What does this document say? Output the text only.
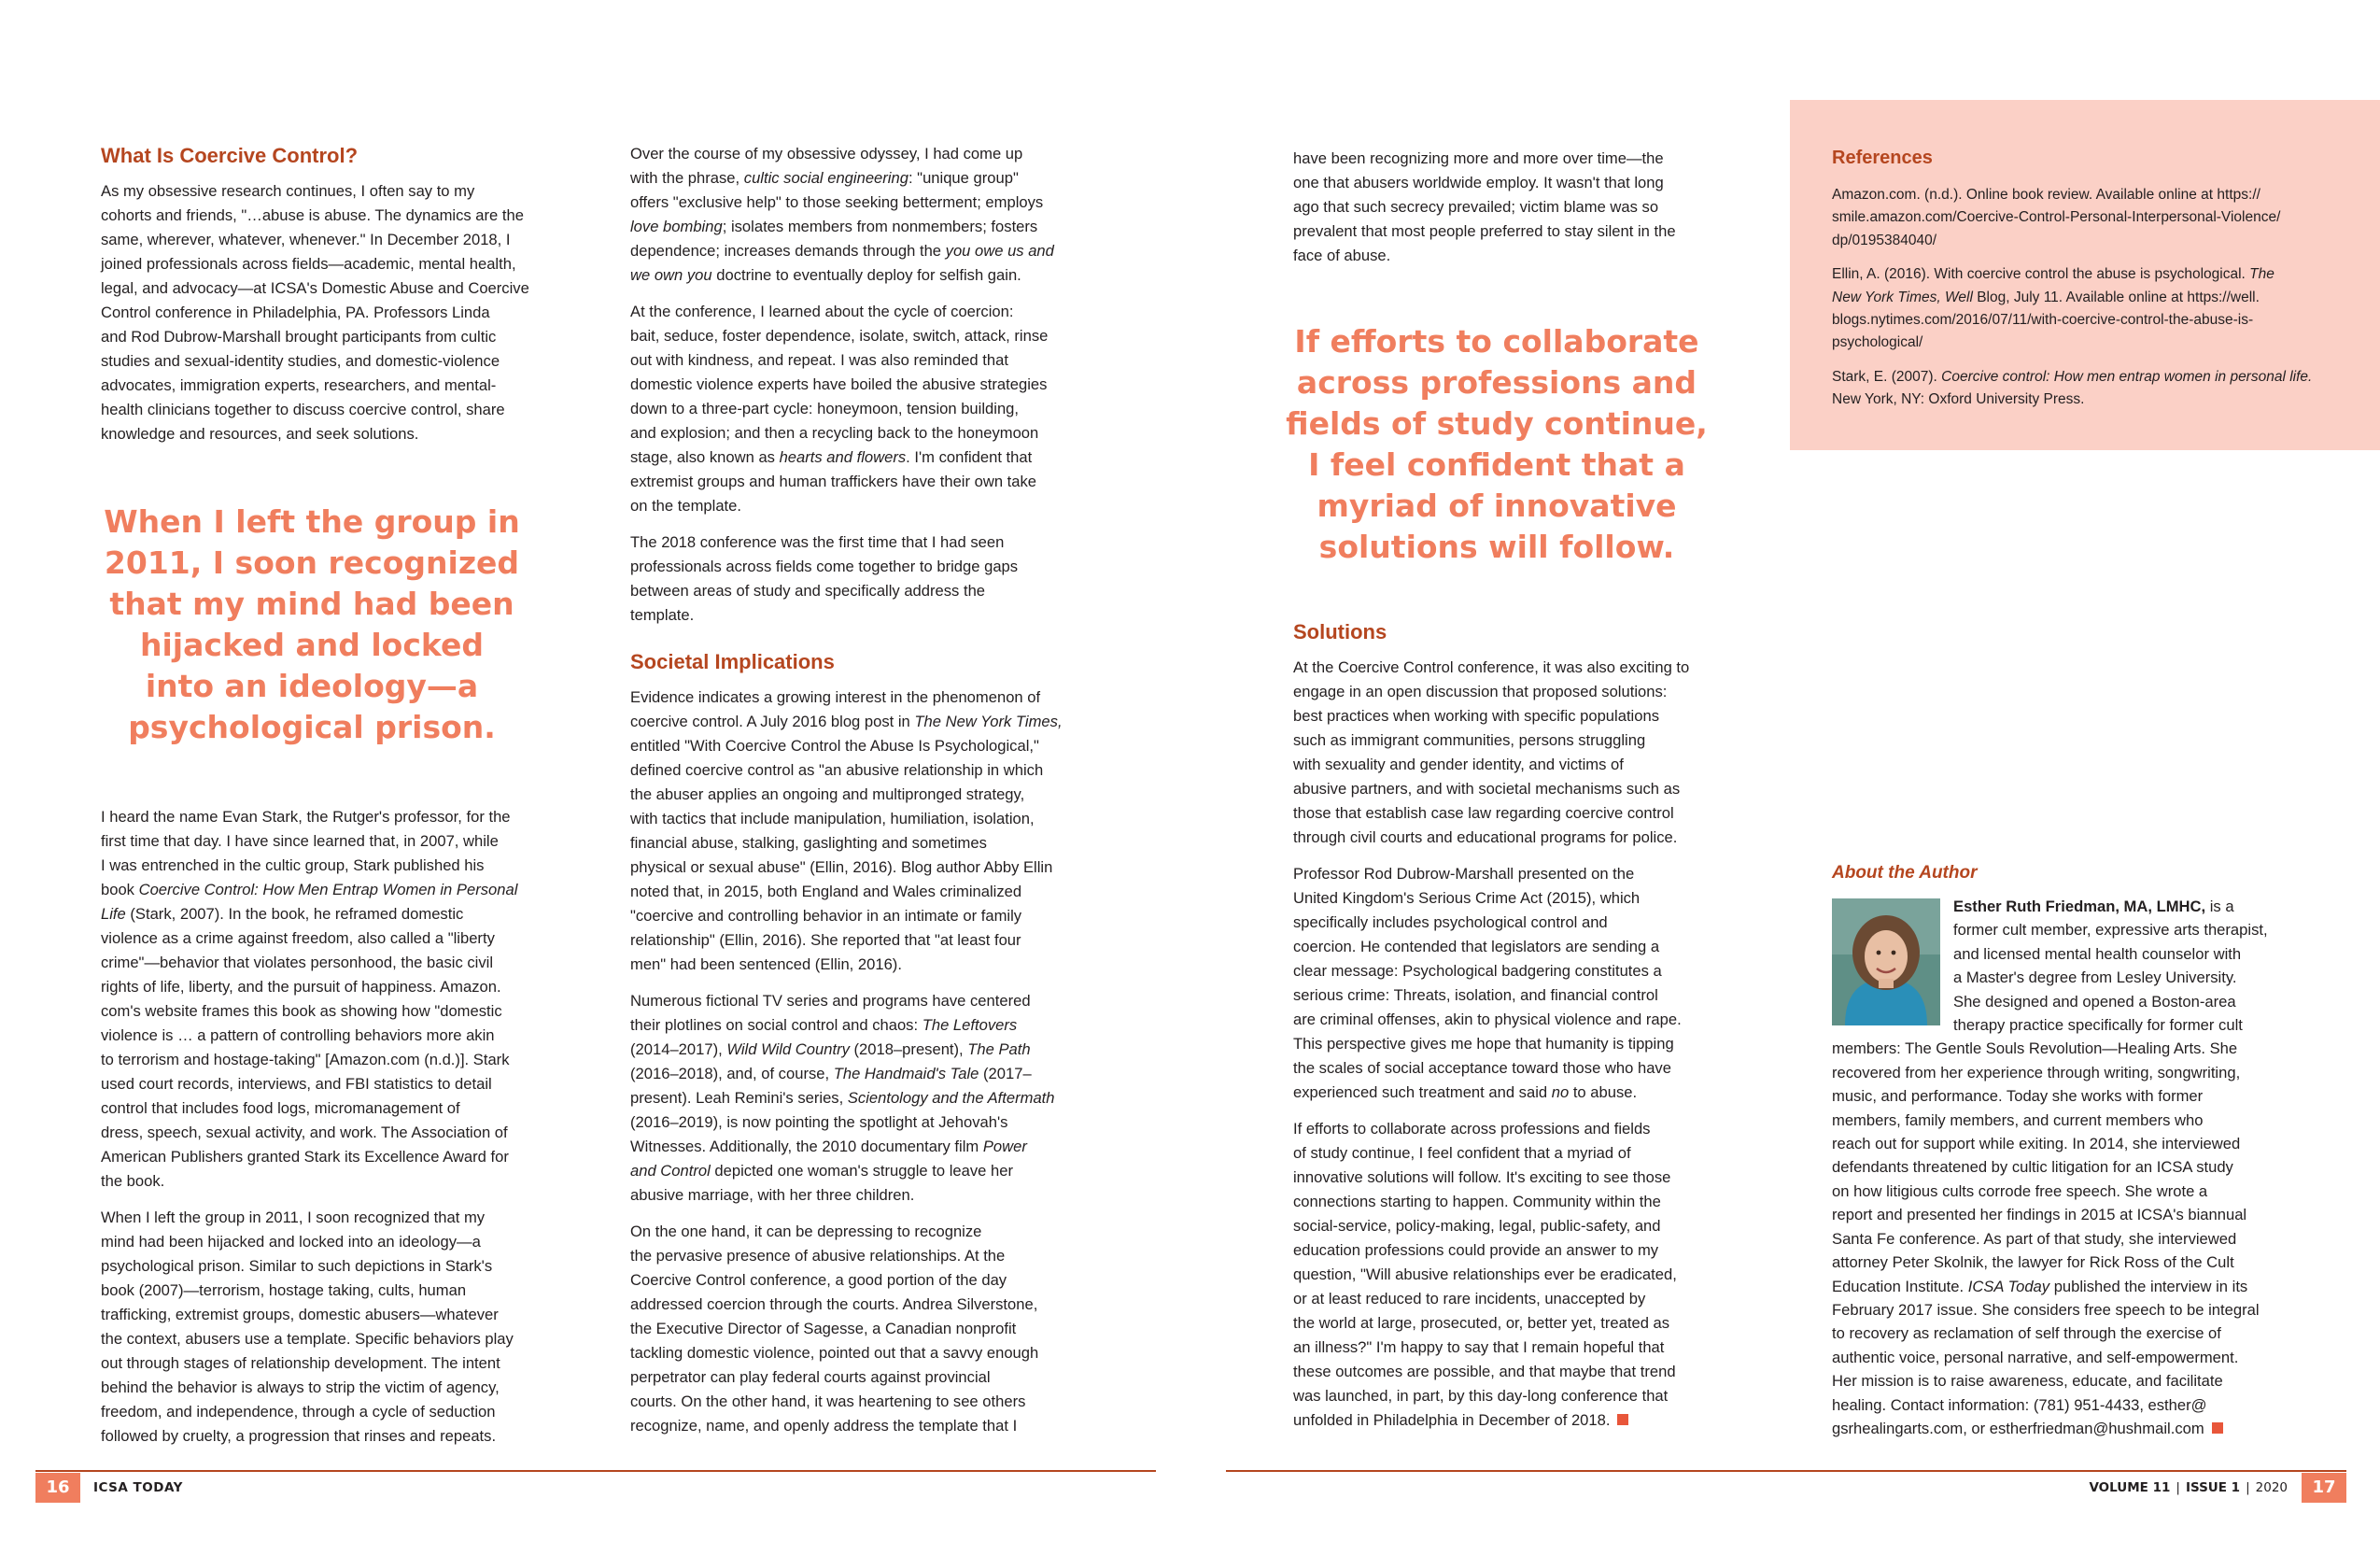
What Is Coercive Control?

As my obsessive research continues, I often say to my
cohorts and friends, "…abuse is abuse. The dynamics are the
same, wherever, whatever, whenever." In December 2018, I
joined professionals across fields—academic, mental health,
legal, and advocacy—at ICSA's Domestic Abuse and Coercive
Control conference in Philadelphia, PA. Professors Linda
and Rod Dubrow-Marshall brought participants from cultic
studies and sexual-identity studies, and domestic-violence
advocates, immigration experts, researchers, and mental-
health clinicians together to discuss coercive control, share
knowledge and resources, and seek solutions.

When I left the group in
2011, I soon recognized
that my mind had been
hijacked and locked
into an ideology—a
psychological prison.

I heard the name Evan Stark, the Rutger's professor, for the
first time that day. I have since learned that, in 2007, while
I was entrenched in the cultic group, Stark published his
book Coercive Control: How Men Entrap Women in Personal
Life (Stark, 2007). In the book, he reframed domestic
violence as a crime against freedom, also called a "liberty
crime"—behavior that violates personhood, the basic civil
rights of life, liberty, and the pursuit of happiness. Amazon.
com's website frames this book as showing how "domestic
violence is … a pattern of controlling behaviors more akin
to terrorism and hostage-taking" [Amazon.com (n.d.)]. Stark
used court records, interviews, and FBI statistics to detail
control that includes food logs, micromanagement of
dress, speech, sexual activity, and work. The Association of
American Publishers granted Stark its Excellence Award for
the book.

When I left the group in 2011, I soon recognized that my
mind had been hijacked and locked into an ideology—a
psychological prison. Similar to such depictions in Stark's
book (2007)—terrorism, hostage taking, cults, human
trafficking, extremist groups, domestic abusers—whatever
the context, abusers use a template. Specific behaviors play
out through stages of relationship development. The intent
behind the behavior is always to strip the victim of agency,
freedom, and independence, through a cycle of seduction
followed by cruelty, a progression that rinses and repeats.

Over the course of my obsessive odyssey, I had come up
with the phrase, cultic social engineering: "unique group"
offers "exclusive help" to those seeking betterment; employs
love bombing; isolates members from nonmembers; fosters
dependence; increases demands through the you owe us and
we own you doctrine to eventually deploy for selfish gain.

At the conference, I learned about the cycle of coercion:
bait, seduce, foster dependence, isolate, switch, attack, rinse
out with kindness, and repeat. I was also reminded that
domestic violence experts have boiled the abusive strategies
down to a three-part cycle: honeymoon, tension building,
and explosion; and then a recycling back to the honeymoon
stage, also known as hearts and flowers. I'm confident that
extremist groups and human traffickers have their own take
on the template.

The 2018 conference was the first time that I had seen
professionals across fields come together to bridge gaps
between areas of study and specifically address the
template.

Societal Implications

Evidence indicates a growing interest in the phenomenon of
coercive control. A July 2016 blog post in The New York Times,
entitled "With Coercive Control the Abuse Is Psychological,"
defined coercive control as "an abusive relationship in which
the abuser applies an ongoing and multipronged strategy,
with tactics that include manipulation, humiliation, isolation,
financial abuse, stalking, gaslighting and sometimes
physical or sexual abuse" (Ellin, 2016). Blog author Abby Ellin
noted that, in 2015, both England and Wales criminalized
"coercive and controlling behavior in an intimate or family
relationship" (Ellin, 2016). She reported that "at least four
men" had been sentenced (Ellin, 2016).

Numerous fictional TV series and programs have centered
their plotlines on social control and chaos: The Leftovers
(2014–2017), Wild Wild Country (2018–present), The Path
(2016–2018), and, of course, The Handmaid's Tale (2017–
present). Leah Remini's series, Scientology and the Aftermath
(2016–2019), is now pointing the spotlight at Jehovah's
Witnesses. Additionally, the 2010 documentary film Power
and Control depicted one woman's struggle to leave her
abusive marriage, with her three children.

On the one hand, it can be depressing to recognize
the pervasive presence of abusive relationships. At the
Coercive Control conference, a good portion of the day
addressed coercion through the courts. Andrea Silverstone,
the Executive Director of Sagesse, a Canadian nonprofit
tackling domestic violence, pointed out that a savvy enough
perpetrator can play federal courts against provincial
courts. On the other hand, it was heartening to see others
recognize, name, and openly address the template that I

have been recognizing more and more over time—the
one that abusers worldwide employ. It wasn't that long
ago that such secrecy prevailed; victim blame was so
prevalent that most people preferred to stay silent in the
face of abuse.

If efforts to collaborate
across professions and
fields of study continue,
I feel confident that a
myriad of innovative
solutions will follow.
Solutions

At the Coercive Control conference, it was also exciting to
engage in an open discussion that proposed solutions:
best practices when working with specific populations
such as immigrant communities, persons struggling
with sexuality and gender identity, and victims of
abusive partners, and with societal mechanisms such as
those that establish case law regarding coercive control
through civil courts and educational programs for police.

Professor Rod Dubrow-Marshall presented on the
United Kingdom's Serious Crime Act (2015), which
specifically includes psychological control and
coercion. He contended that legislators are sending a
clear message: Psychological badgering constitutes a
serious crime: Threats, isolation, and financial control
are criminal offenses, akin to physical violence and rape.
This perspective gives me hope that humanity is tipping
the scales of social acceptance toward those who have
experienced such treatment and said no to abuse.

If efforts to collaborate across professions and fields
of study continue, I feel confident that a myriad of
innovative solutions will follow. It's exciting to see those
connections starting to happen. Community within the
social-service, policy-making, legal, public-safety, and
education professions could provide an answer to my
question, "Will abusive relationships ever be eradicated,
or at least reduced to rare incidents, unaccepted by
the world at large, prosecuted, or, better yet, treated as
an illness?" I'm happy to say that I remain hopeful that
these outcomes are possible, and that maybe that trend
was launched, in part, by this day-long conference that
unfolded in Philadelphia in December of 2018.

References

Amazon.com. (n.d.). Online book review. Available online at https://
smile.amazon.com/Coercive-Control-Personal-Interpersonal-Violence/
dp/0195384040/

Ellin, A. (2016). With coercive control the abuse is psychological. The
New York Times, Well Blog, July 11. Available online at https://well.
blogs.nytimes.com/2016/07/11/with-coercive-control-the-abuse-is-
psychological/

Stark, E. (2007). Coercive control: How men entrap women in personal life.
New York, NY: Oxford University Press.

About the Author

Esther Ruth Friedman, MA, LMHC, is a
former cult member, expressive arts therapist,
and licensed mental health counselor with
a Master's degree from Lesley University.
She designed and opened a Boston-area
therapy practice specifically for former cult
members: The Gentle Souls Revolution—Healing Arts. She
recovered from her experience through writing, songwriting,
music, and performance. Today she works with former
members, family members, and current members who
reach out for support while exiting. In 2014, she interviewed
defendants threatened by cultic litigation for an ICSA study
on how litigious cults corrode free speech. She wrote a
report and presented her findings in 2015 at ICSA's biannual
Santa Fe conference. As part of that study, she interviewed
attorney Peter Skolnik, the lawyer for Rick Ross of the Cult
Education Institute. ICSA Today published the interview in its
February 2017 issue. She considers free speech to be integral
to recovery as reclamation of self through the exercise of
authentic voice, personal narrative, and self-empowerment.
Her mission is to raise awareness, educate, and facilitate
healing. Contact information: (781) 951-4433, esther@
gsrhealingarts.com, or estherfriedman@hushmail.com

16	ICSA TODAY	VOLUME 11 | ISSUE 1 | 2020	17
